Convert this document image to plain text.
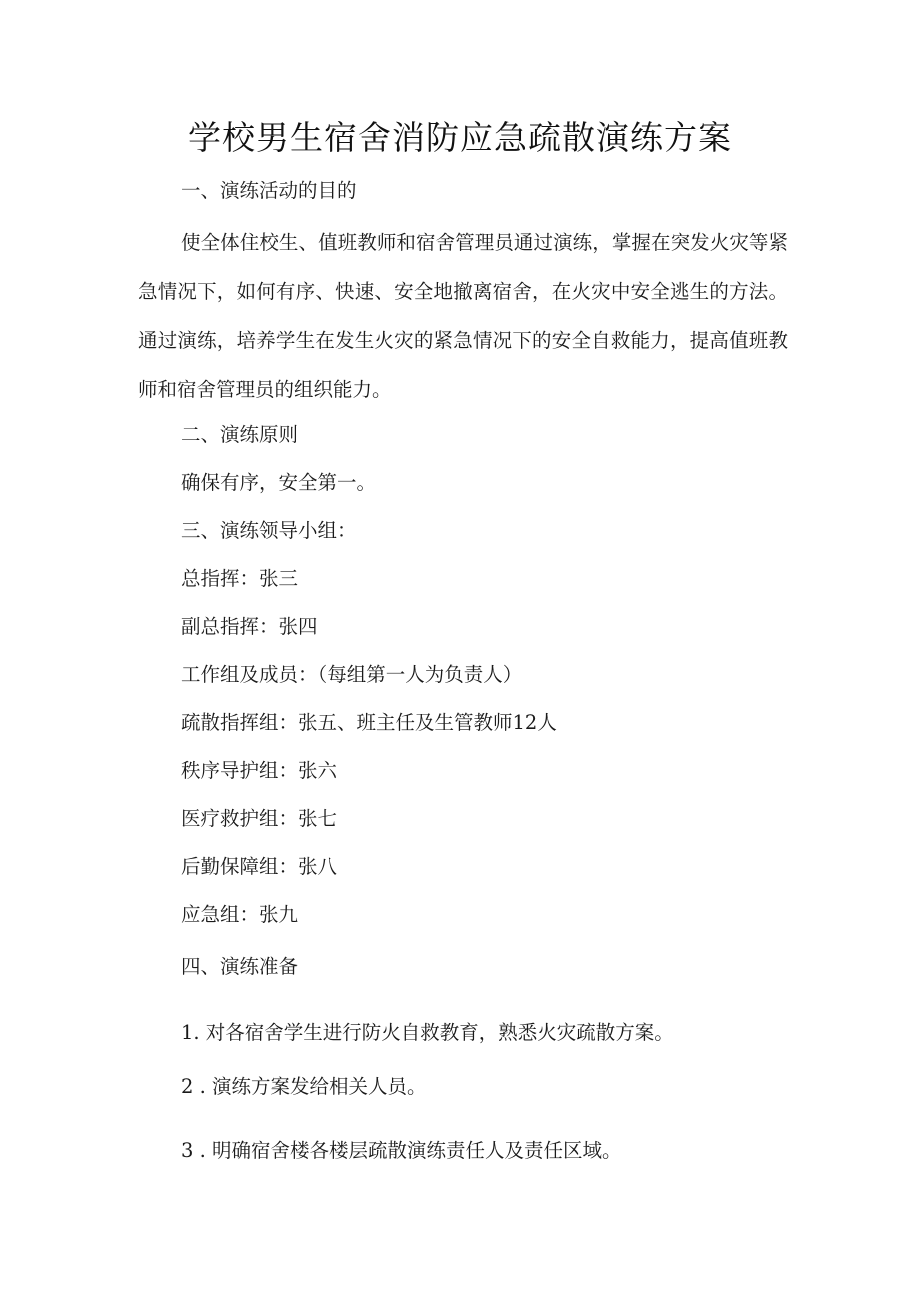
学校男生宿舍消防应急疏散演练方案
一、演练活动的目的
使全体住校生、值班教师和宿舍管理员通过演练，掌握在突发火灾等紧急情况下，如何有序、快速、安全地撤离宿舍，在火灾中安全逃生的方法。通过演练，培养学生在发生火灾的紧急情况下的安全自救能力，提高值班教师和宿舍管理员的组织能力。
二、演练原则
确保有序，安全第一。
三、演练领导小组：
总指挥：张三
副总指挥：张四
工作组及成员：（每组第一人为负责人）
疏散指挥组：张五、班主任及生管教师12人
秩序导护组：张六
医疗救护组：张七
后勤保障组：张八
应急组：张九
四、演练准备
1. 对各宿舍学生进行防火自救教育，熟悉火灾疏散方案。
2 . 演练方案发给相关人员。
3 . 明确宿舍楼各楼层疏散演练责任人及责任区域。
